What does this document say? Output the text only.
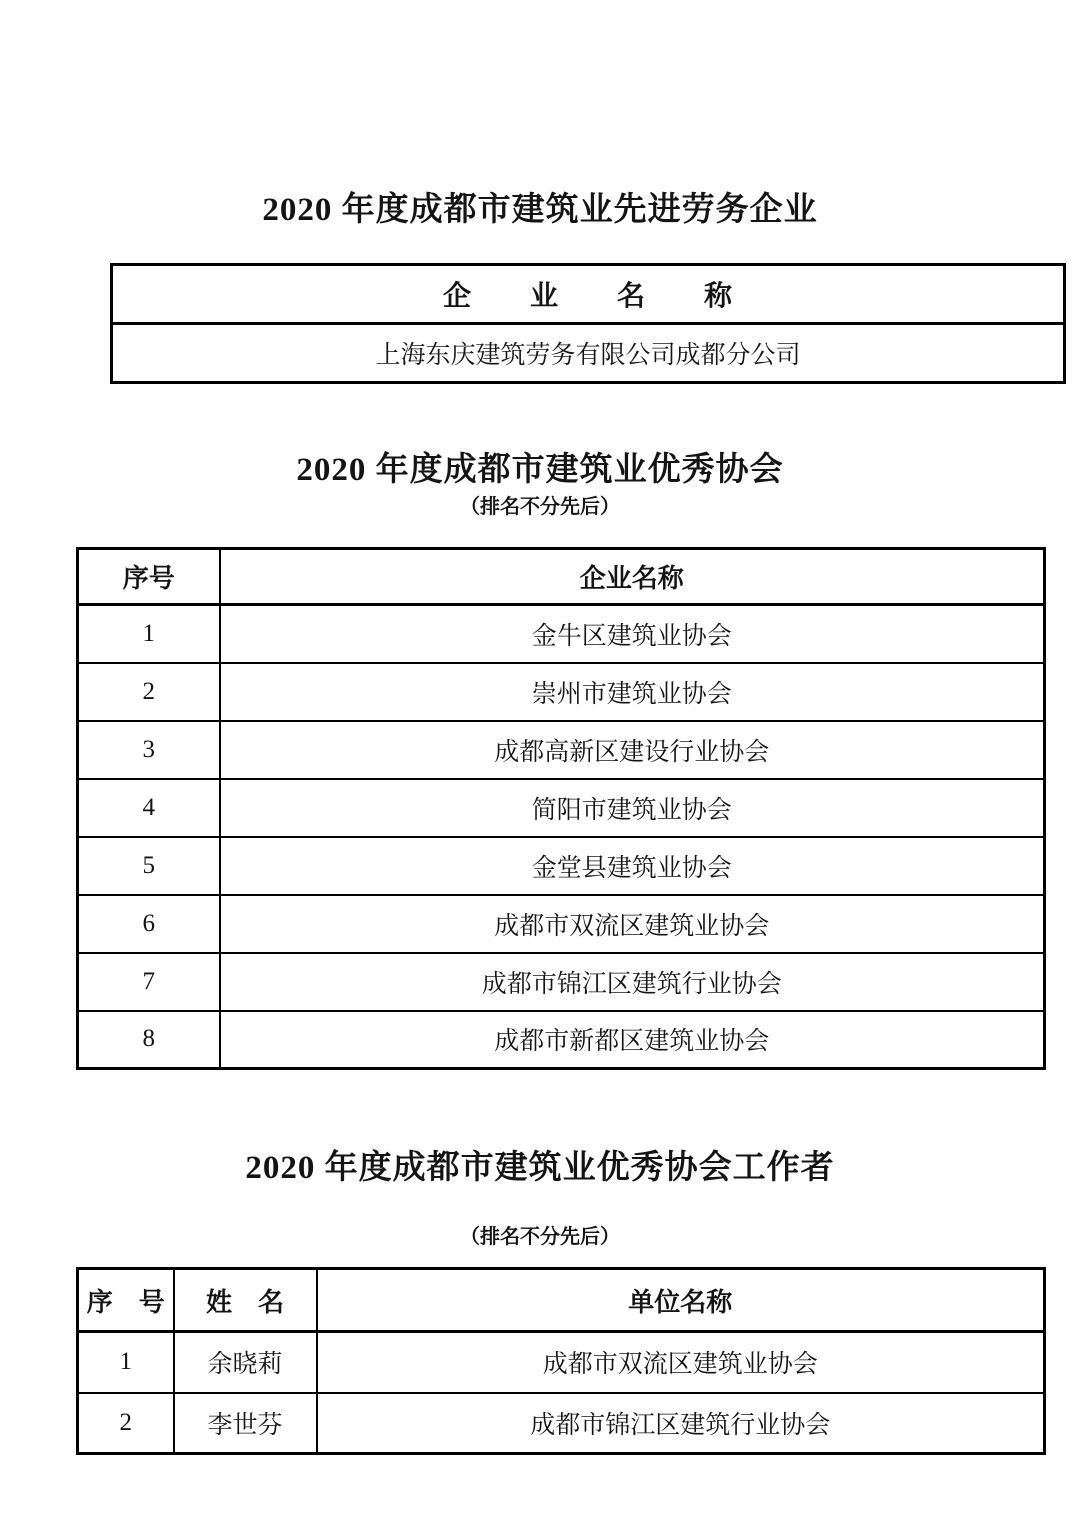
2020 年度成都市建筑业先进劳务企业
企　　业　　名　　称
上海东庆建筑劳务有限公司成都分公司
2020 年度成都市建筑业优秀协会
（排名不分先后）
序号	企业名称
1	金牛区建筑业协会
2	崇州市建筑业协会
3	成都高新区建设行业协会
4	简阳市建筑业协会
5	金堂县建筑业协会
6	成都市双流区建筑业协会
7	成都市锦江区建筑行业协会
8	成都市新都区建筑业协会
2020 年度成都市建筑业优秀协会工作者
（排名不分先后）
序　号	姓　名	单位名称
1	余晓莉	成都市双流区建筑业协会
2	李世芬	成都市锦江区建筑行业协会
